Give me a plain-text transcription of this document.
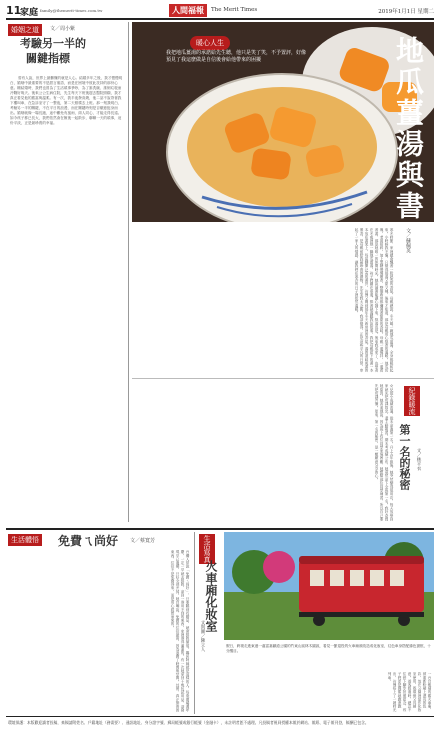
11
家庭 family@themerit-times.com.tw	人間福報	The Merit Times	2019年1月1日 星期二
婚姻之道	文／周小紫
考驗另一半的
關鍵指標
曾有人說，世界上最難懂的就是人心。結婚多年之後，我才慢慢明白，婚姻中最重要的不是甜言蜜語，而是在困境中彼此扶持的那份心意。剛結婚時，我們也曾為了生活瑣事爭吵，為了誰洗碗、誰倒垃圾而冷戰好幾天。後來公公生病住院，先生每天下班後趕去醫院照顧，我才真正看見他的擔當與溫柔。有一次，我半夜發高燒，他二話不說背著我下樓叫車，在急診室守了一整夜，第二天照樣去上班。那一刻我明白，考驗另一半的關鍵，不在平日的浪漫，而在關鍵時刻是否願意挺身而出。婚姻就像一場長跑，途中難免有風雨，兩人同心，才能走得長遠。如今孩子都已長大，我們依然會在飯後一起散步，聊聊一天的瑣事，這份平淡，正是最珍貴的幸福。
暖心人生
我把地瓜薑湯的承諾給先生聽，他只是笑了笑，不予置評，好像預見了我這麼做是自信後會給他帶來的困擾	地瓜薑湯與書
寒冬時節，家裡總會飄著一股熟悉的香氣。母親總說，冬天喝一碗地瓜薑湯，全身都暖和起來。小時候我不懂，只覺得那湯又甜又辣，後來才知道，那是母親用心熬煮的溫暖。地瓜切塊，老薑拍碎，加上黑糖慢慢燉煮，整個廚房都瀰漫著甜甜的香味。母親一邊攪拌，一邊看著書，那是她唯一的休閒時光。她說讀書能讓心靜下來，熬湯也是。後來我成家了，也學著在冬夜裡熬一鍋地瓜薑湯，孩子們圍在桌邊，捧著熱湯聽我說故事。我把母親留下的書一本本放在書架上，每當翻開泛黃的書頁，彷彿又聞到那年冬天廚房裡的香氣。湯的滋味與書的墨香，是母親留給我最珍貴的禮物。先生笑我太念舊，我卻覺得，正是這些平凡的日常，串起了一家人的情感，讓我們在寒冷的日子裡依然溫暖。	文／蘇佩英
女兒從小成績普通，從未拿過第一名。升上五年級後，她突然變得很用功，每天放學回家就先把功課寫完，還主動複習。期末考成績公布，她竟然拿下全班第一名。我好奇問她原因，她害羞地說，因為班上有位同學家境困難，她想幫那位同學補習，所以自己要先把功課弄懂。原來，第一名的秘密，是一顆願意分享的心。	紀錄暖流
第一名的秘密 文／林平衣
生活體悟 免費ㄟ尚好 文／蔡寬芳
台灣人常說「免費ㄟ尚好」，只要聽到有贈品，就會排隊搶領。鄰居阿姨就是這樣的人，每逢賣場週年慶，一定一早就去排隊，拿回一堆用不到的東西，家裡堆得滿滿的。有一次她拿回十幾包試用品，卻發現早已過期，只好全部丟掉。她自嘲說，免費的往往最貴，因為浪費了時間與空間。其實，真正珍貴的東西，往往不是免費得來，而是用心經營而來的。
生活寫真
火車廂化妝室
文與圖／陳立人	假日，跨境走進東港一處富嘉鐵道公園的竹東山區林木園區，看見一節退役的火車廂被改造成化妝室，紅色車身搭配綠色窗框，十分醒目。
一台台報廢的舊火車廂，被重新粉刷上漂亮的色彩，放在公園裡當作化妝室使用，既環保又具創意。遊客經過時，總忍不住停下腳步拍照留念，孩子們更是興奮地跑進跑出，彷彿搭上了一趟時光列車。
環境保護：本版歡迎讀者投稿，來稿請附姓名、戶籍地址（務需要）、通訊地址、身分證字號、郵局帳號或銀行帳號（金融卡），未註明者恕不處理。凡投稿者視同授權本報於網站、報紙、電子報刊登，稿酬已包含。
